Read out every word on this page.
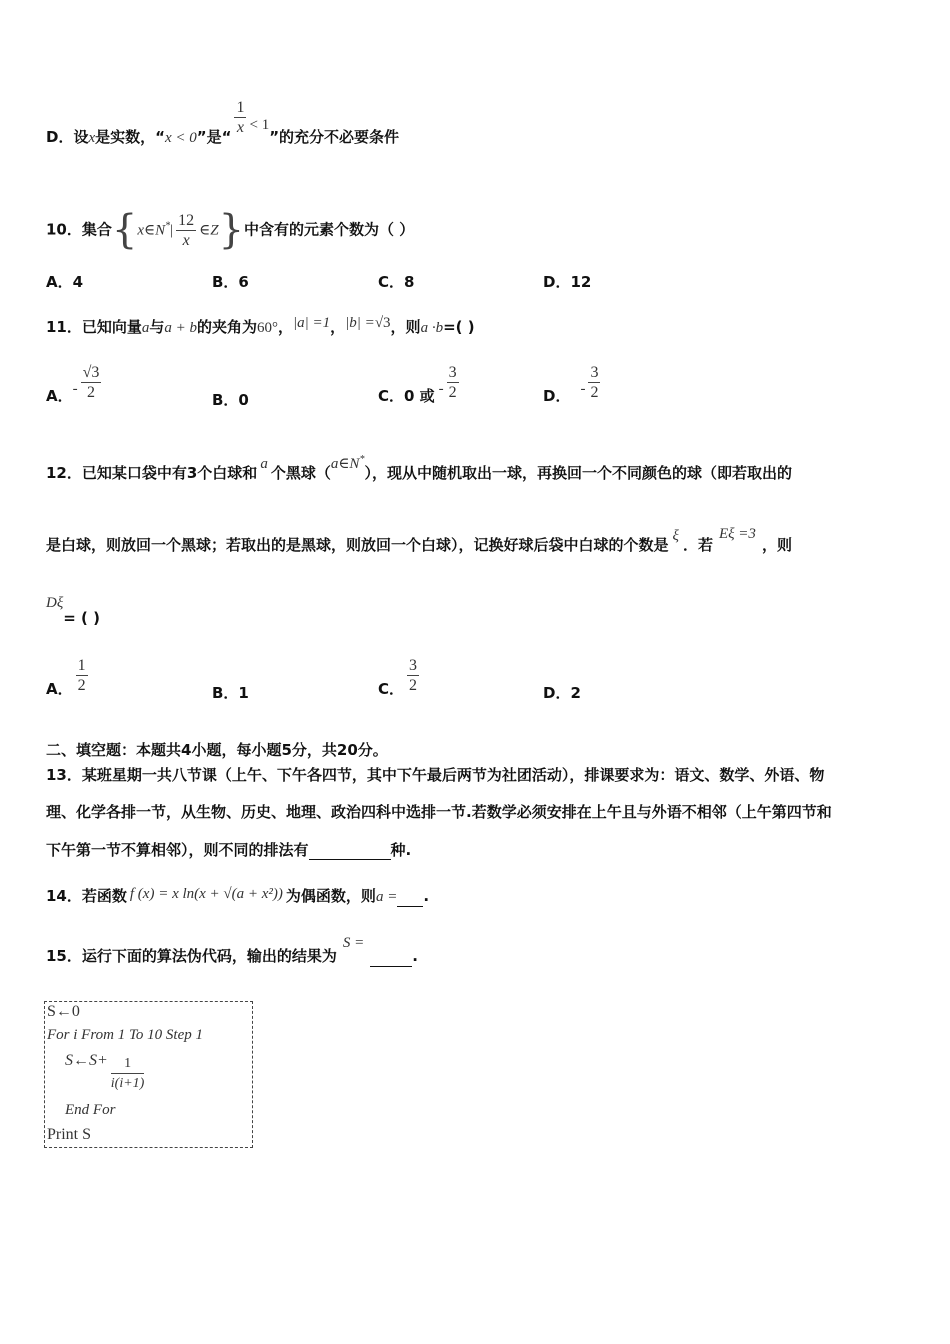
D．设x是实数，“x < 0”是“ $\frac{1}{x} < 1$”的充分不必要条件
10．集合{x∈N*| $\frac{12}{x}$ ∈Z}中含有的元素个数为（ ）
A．4	B．6	C．8	D．12
11．已知向量a与a + b的夹角为60°，|a| =1，|b| =√3，则a ·b=( )
A．- $\frac{√3}{2}$	B．0	C．0 或 - $\frac{3}{2}$	D． - $\frac{3}{2}$
12．已知某口袋中有3个白球和 a 个黑球（a∈N*），现从中随机取出一球，再换回一个不同颜色的球（即若取出的
是白球，则放回一个黑球；若取出的是黑球，则放回一个白球），记换好球后袋中白球的个数是 ξ ．若Eξ =3，则
Dξ= ( )
A． $\frac{1}{2}$	B．1	C． $\frac{3}{2}$	D．2
二、填空题：本题共4小题，每小题5分，共20分。
13．某班星期一共八节课（上午、下午各四节，其中下午最后两节为社团活动），排课要求为：语文、数学、外语、物
理、化学各排一节，从生物、历史、地理、政治四科中选排一节.若数学必须安排在上午且与外语不相邻（上午第四节和
下午第一节不算相邻），则不同的排法有	种.
14．若函数 f (x) = x ln(x + √(a + x²)) 为偶函数，则a = .
15．运行下面的算法伪代码，输出的结果为S =.
S←0
For i From 1 To 10 Step 1
S←S+ $\frac{1}{i(i+1)}$
End For
Print S
